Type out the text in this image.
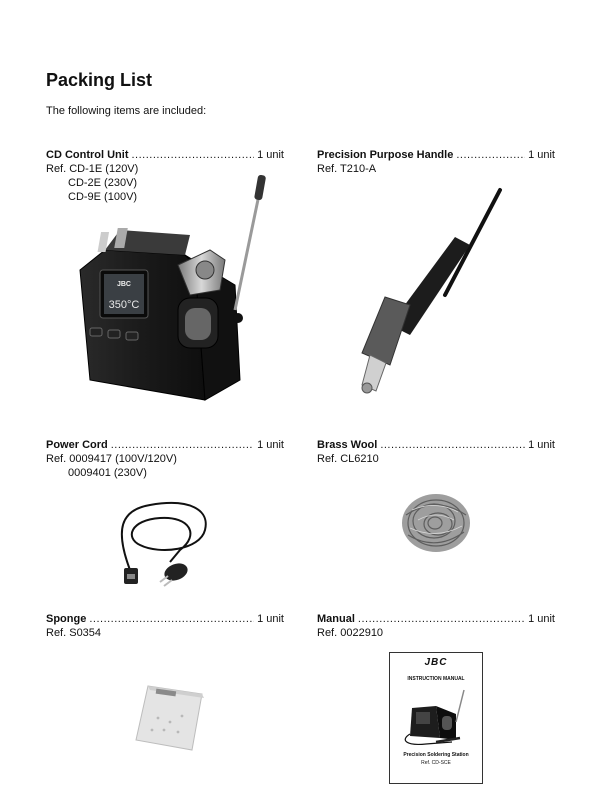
Packing List
The following items are included:
CD Control Unit .....	1 unit
Ref. CD-1E (120V)
CD-2E (230V)
CD-9E (100V)
Precision Purpose Handle .....	1 unit
Ref. T210-A
Power Cord .....	1 unit
Ref. 0009417 (100V/120V)
0009401 (230V)
Brass Wool .....	1 unit
Ref. CL6210
Sponge .....	1 unit
Ref. S0354
Manual .....	1 unit
Ref. 0022910
JBC
350°C
JBC
INSTRUCTION MANUAL
Precision Soldering Station
Ref. CD-SCE
